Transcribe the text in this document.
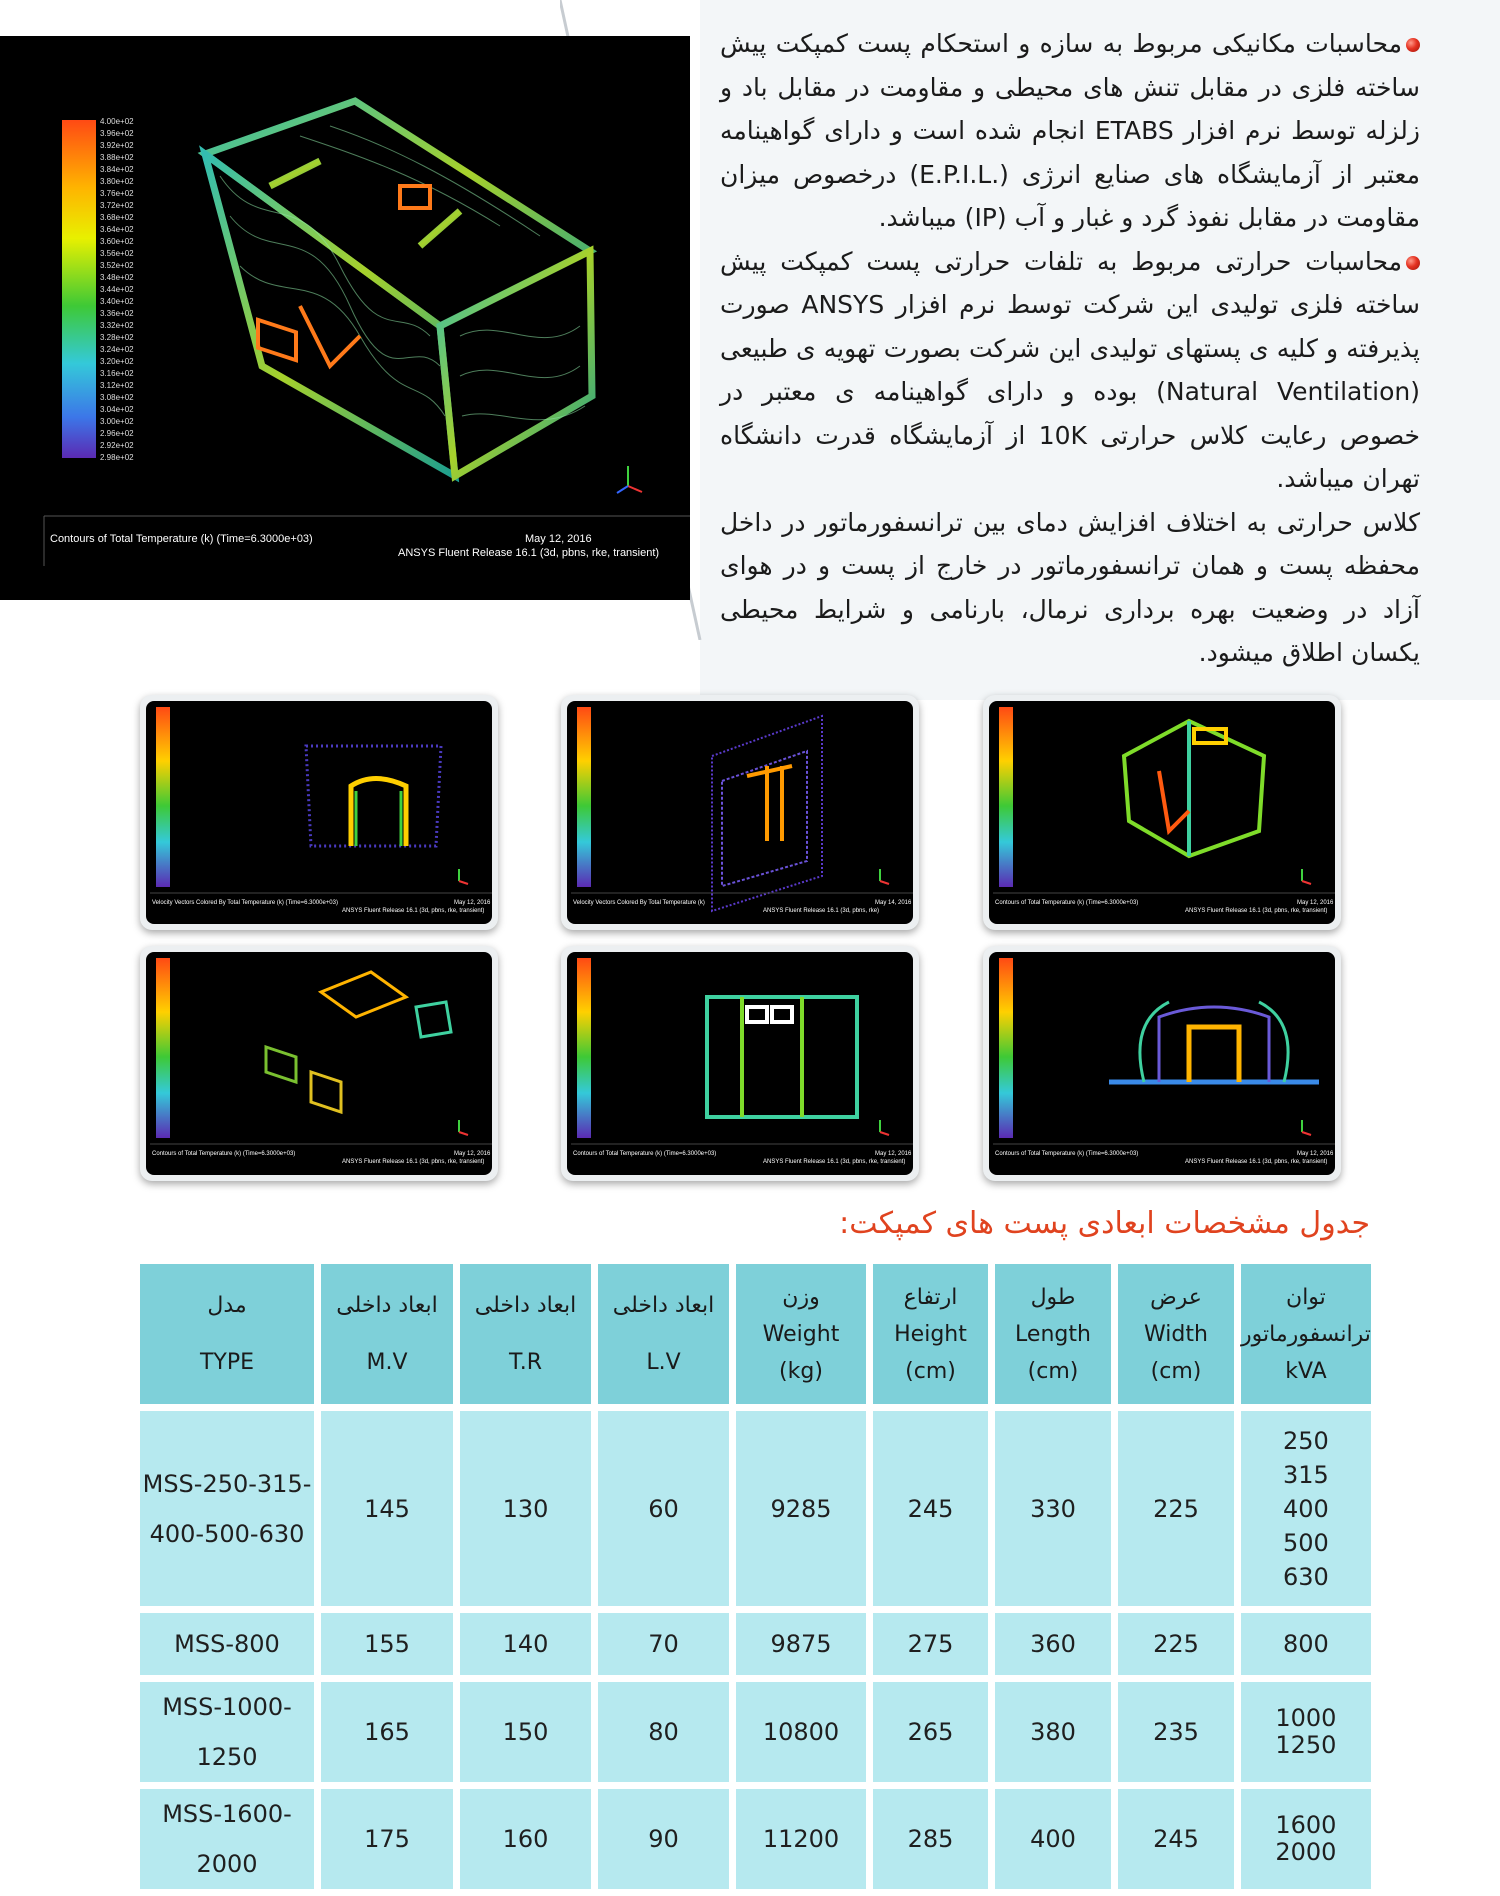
4.00e+02
3.96e+02
3.92e+02
3.88e+02
3.84e+02
3.80e+02
3.76e+02
3.72e+02
3.68e+02
3.64e+02
3.60e+02
3.56e+02
3.52e+02
3.48e+02
3.44e+02
3.40e+02
3.36e+02
3.32e+02
3.28e+02
3.24e+02
3.20e+02
3.16e+02
3.12e+02
3.08e+02
3.04e+02
3.00e+02
2.96e+02
2.92e+02
2.98e+02
May 12, 2016
Contours of Total Temperature (k) (Time=6.3000e+03)
ANSYS Fluent Release 16.1 (3d, pbns, rke, transient)

محاسبات مکانیکی مربوط به سازه و استحکام پست کمپکت پیش ساخته فلزی در مقابل تنش های محیطی و مقاومت در مقابل باد و زلزله توسط نرم افزار ETABS انجام شده است و دارای گواهینامه معتبر از آزمایشگاه های صنایع انرژی (.E.P.I.L) درخصوص میزان مقاومت در مقابل نفوذ گرد و غبار و آب (IP) میباشد.

محاسبات حرارتی مربوط به تلفات حرارتی پست کمپکت پیش ساخته فلزی تولیدی این شرکت توسط نرم افزار ANSYS صورت پذیرفته و کلیه ی پستهای تولیدی این شرکت بصورت تهویه ی طبیعی (Natural Ventilation) بوده و دارای گواهینامه ی معتبر در خصوص رعایت کلاس حرارتی 10K از آزمایشگاه قدرت دانشگاه تهران میباشد.

کلاس حرارتی به اختلاف افزایش دمای بین ترانسفورماتور در داخل محفظه پست و همان ترانسفورماتور در خارج از پست و در هوای آزاد در وضعیت بهره برداری نرمال، بارنامی و شرایط محیطی یکسان اطلاق میشود.

Velocity Vectors Colored By Total Temperature (k) (Time=6.3000e+03)	May 12, 2016
ANSYS Fluent Release 16.1 (3d, pbns, rke, transient)
Velocity Vectors Colored By Total Temperature (k)	May 14, 2016
ANSYS Fluent Release 16.1 (3d, pbns, rke)
Contours of Total Temperature (k) (Time=6.3000e+03)	May 12, 2016
ANSYS Fluent Release 16.1 (3d, pbns, rke, transient)
Contours of Total Temperature (k) (Time=6.3000e+03)	May 12, 2016
ANSYS Fluent Release 16.1 (3d, pbns, rke, transient)
Contours of Total Temperature (k) (Time=6.3000e+03)	May 12, 2016
ANSYS Fluent Release 16.1 (3d, pbns, rke, transient)
Contours of Total Temperature (k) (Time=6.3000e+03)	May 12, 2016
ANSYS Fluent Release 16.1 (3d, pbns, rke, transient)
جدول مشخصات ابعادی پست های کمپکت:
توان
ترانسفورماتور
kVA	عرض
Width
(cm)	طول
Length
(cm)	ارتفاع
Height
(cm)	وزن
Weight
(kg)	ابعاد داخلی
L.V	ابعاد داخلی
T.R	ابعاد داخلی
M.V	مدل
TYPE

250
315
400
500
630	225	330	245	9285	60	130	145	MSS-250-315-
400-500-630

800	225	360	275	9875	70	140	155	MSS-800

1000
1250	235	380	265	10800	80	150	165	MSS-1000-1250

1600
2000	245	400	285	11200	90	160	175	MSS-1600-2000
